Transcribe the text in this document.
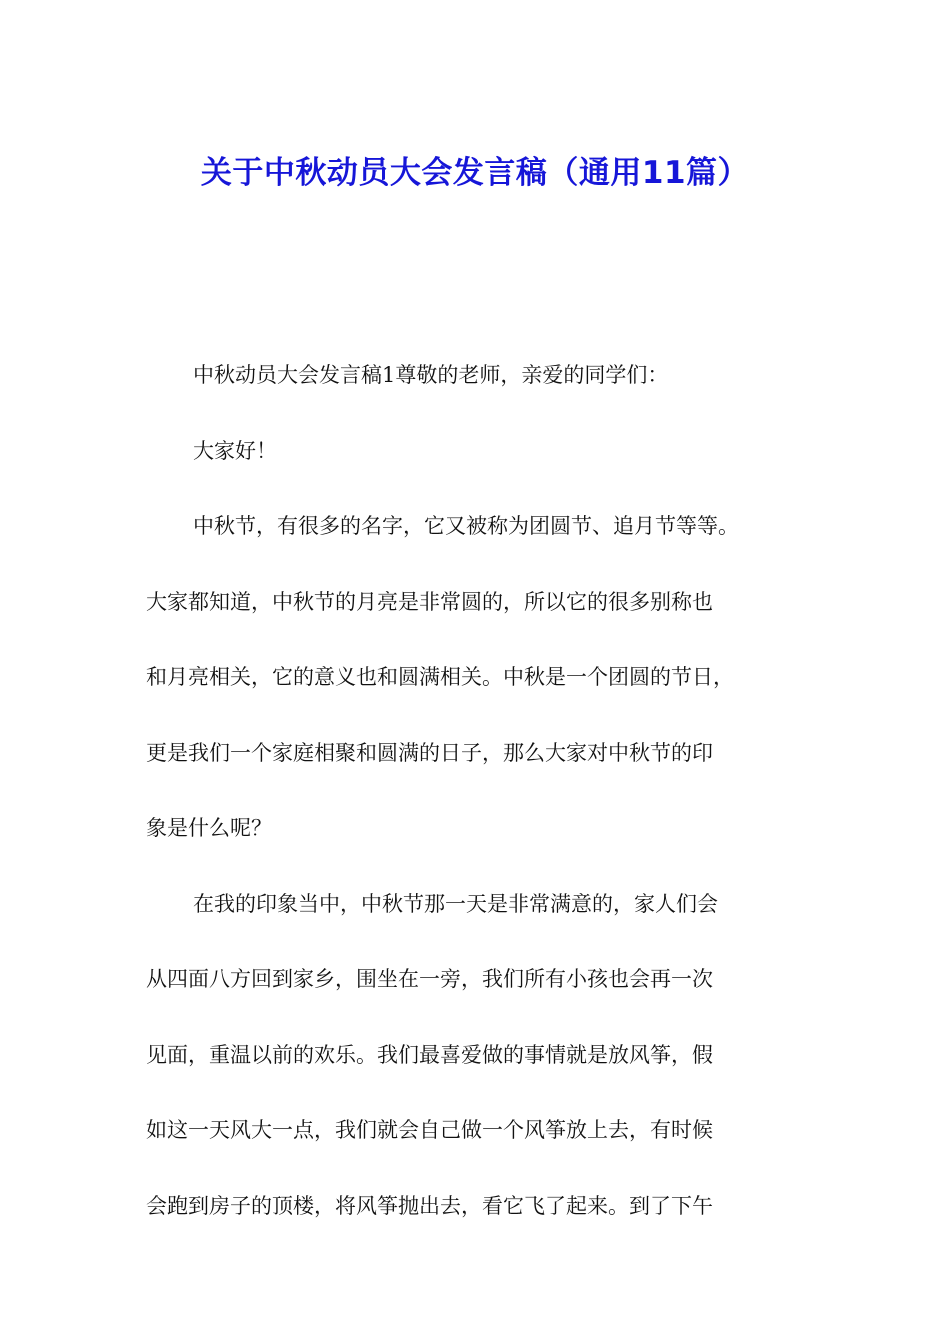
关于中秋动员大会发言稿（通用11篇）

中秋动员大会发言稿1尊敬的老师，亲爱的同学们：

大家好！

中秋节，有很多的名字，它又被称为团圆节、追月节等等。

大家都知道，中秋节的月亮是非常圆的，所以它的很多别称也

和月亮相关，它的意义也和圆满相关。中秋是一个团圆的节日，

更是我们一个家庭相聚和圆满的日子，那么大家对中秋节的印

象是什么呢？

在我的印象当中，中秋节那一天是非常满意的，家人们会

从四面八方回到家乡，围坐在一旁，我们所有小孩也会再一次

见面，重温以前的欢乐。我们最喜爱做的事情就是放风筝，假

如这一天风大一点，我们就会自己做一个风筝放上去，有时候

会跑到房子的顶楼，将风筝抛出去，看它飞了起来。到了下午
